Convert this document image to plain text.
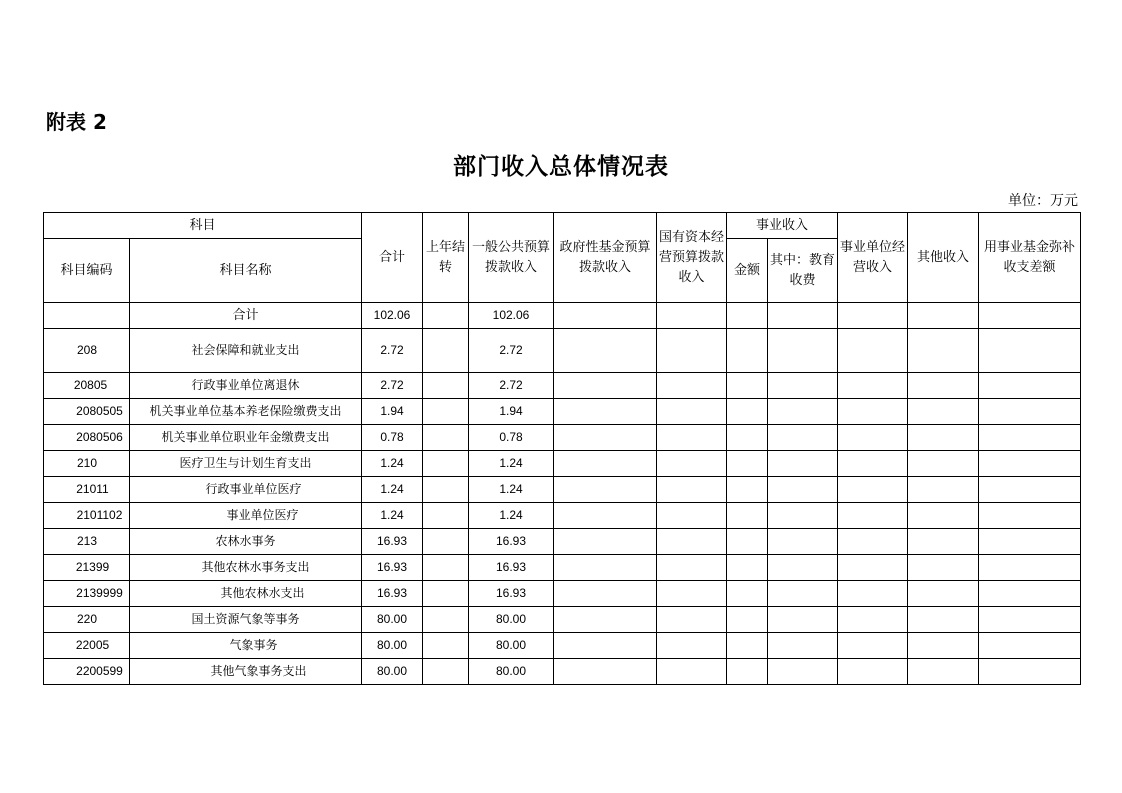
附表 2
部门收入总体情况表
单位：万元
科目		合计	上年结转	一般公共预算拨款收入	政府性基金预算拨款收入	国有资本经营预算拨款收入	事业收入		事业单位经营收入	其他收入	用事业基金弥补收支差额
科目编码	科目名称						金额	其中：教育收费			
	合计	102.06		102.06							
208	社会保障和就业支出	2.72		2.72							
20805	行政事业单位离退休	2.72		2.72							
2080505	机关事业单位基本养老保险缴费支出	1.94		1.94							
2080506	机关事业单位职业年金缴费支出	0.78		0.78							
210	医疗卫生与计划生育支出	1.24		1.24							
21011	行政事业单位医疗	1.24		1.24							
2101102	事业单位医疗	1.24		1.24							
213	农林水事务	16.93		16.93							
21399	其他农林水事务支出	16.93		16.93							
2139999	其他农林水支出	16.93		16.93							
220	国土资源气象等事务	80.00		80.00							
22005	气象事务	80.00		80.00							
2200599	其他气象事务支出	80.00		80.00							
